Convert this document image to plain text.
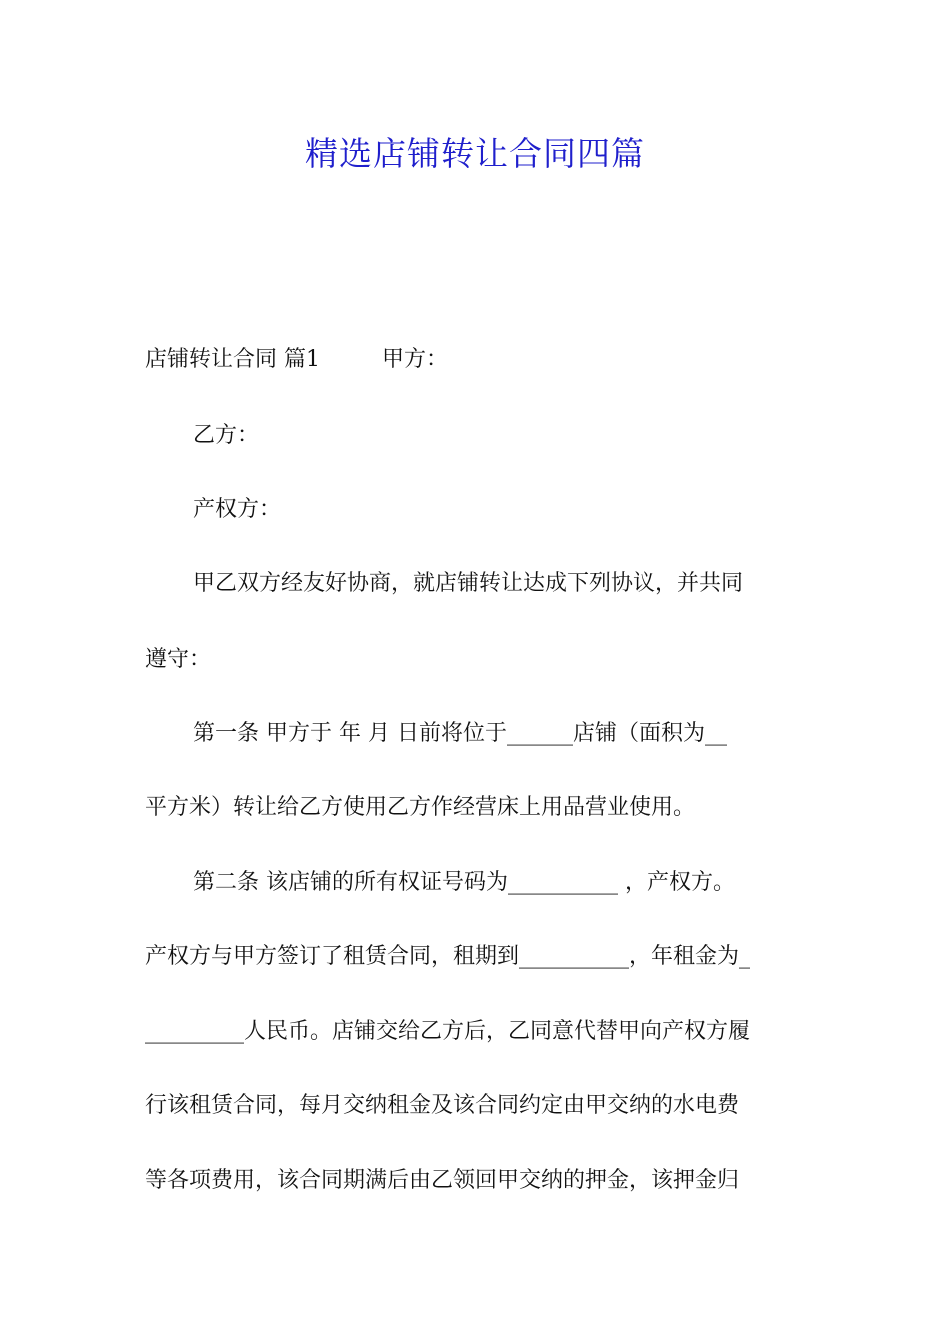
精选店铺转让合同四篇
店铺转让合同 篇1	甲方：
乙方：
产权方：
甲乙双方经友好协商，就店铺转让达成下列协议，并共同
遵守：
第一条 甲方于 年 月 日前将位于______店铺（面积为__
平方米）转让给乙方使用乙方作经营床上用品营业使用。
第二条 该店铺的所有权证号码为__________ ，产权方。
产权方与甲方签订了租赁合同，租期到__________，年租金为_
_________人民币。店铺交给乙方后，乙同意代替甲向产权方履
行该租赁合同，每月交纳租金及该合同约定由甲交纳的水电费
等各项费用，该合同期满后由乙领回甲交纳的押金，该押金归
